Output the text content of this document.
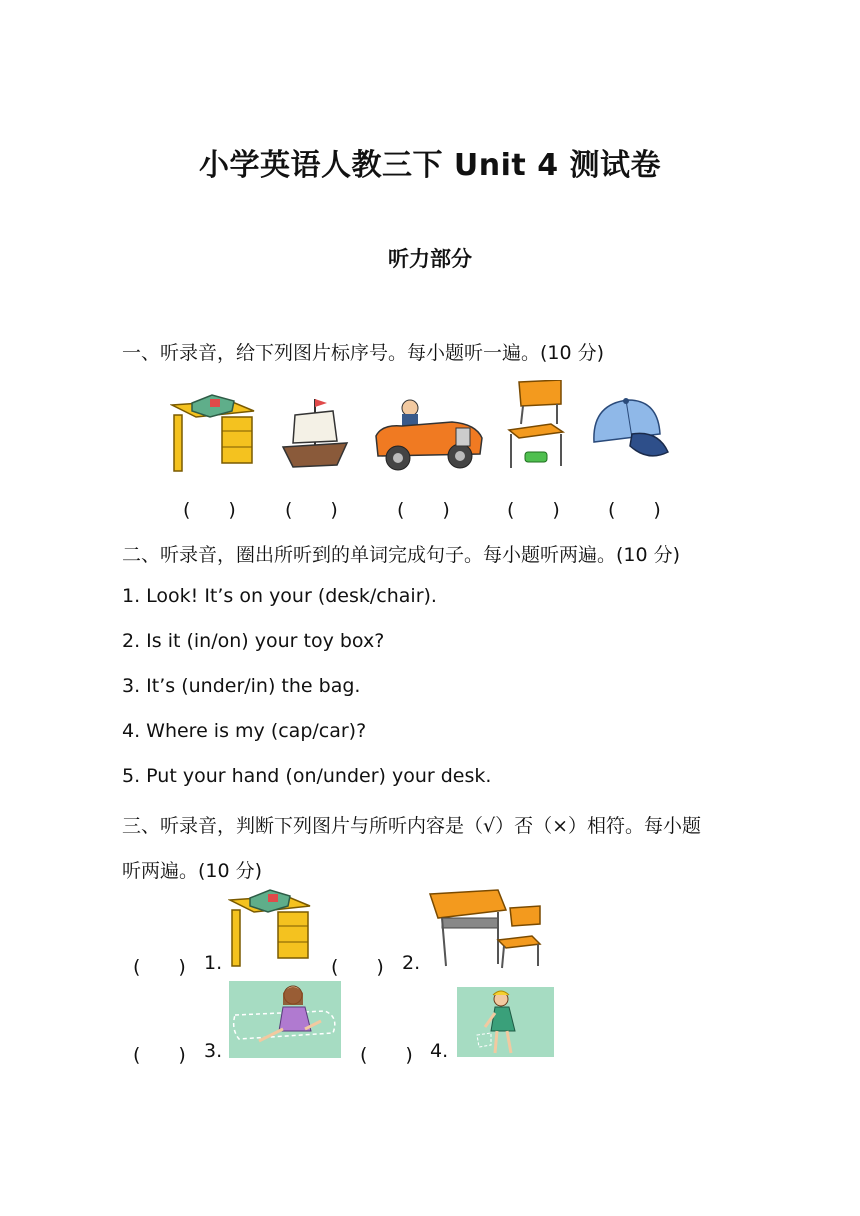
小学英语人教三下 Unit 4 测试卷
听力部分
一、听录音，给下列图片标序号。每小题听一遍。(10 分)
(　　)	(　　)	(　　)	(　　)	(　　)
二、听录音，圈出所听到的单词完成句子。每小题听两遍。(10 分)
1. Look! It’s on your (desk/chair).
2. Is it (in/on) your toy box?
3. It’s (under/in) the bag.
4. Where is my (cap/car)?
5. Put your hand (on/under) your desk.
三、听录音，判断下列图片与所听内容是（√）否（×）相符。每小题
听两遍。(10 分)
(　　) 1.	(　　) 2.
(　　) 3.	(　　) 4.
